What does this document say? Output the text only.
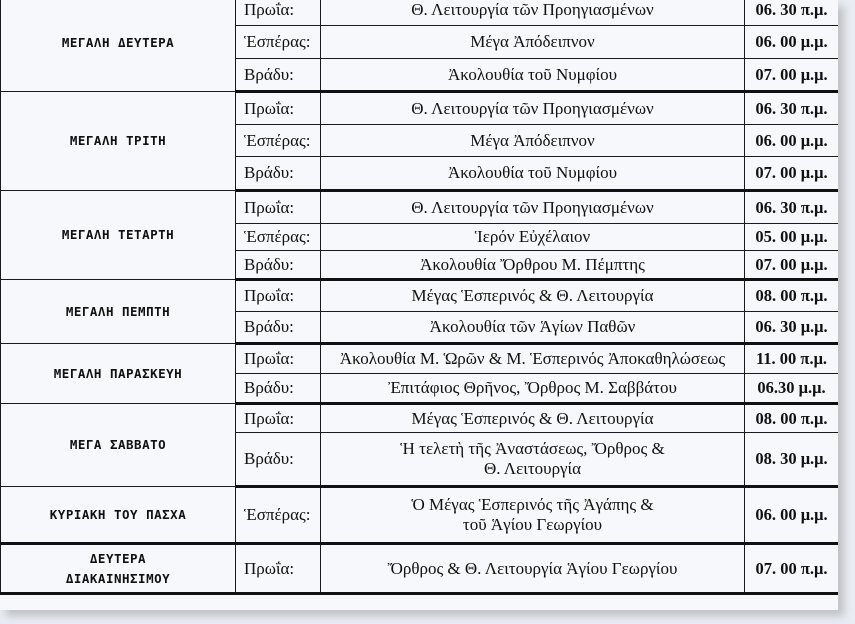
ΜΕΓΑΛΗ ΔΕΥΤΕΡΑ	Πρωΐα:	Θ. Λειτουργία τῶν Προηγιασμένων	06. 30 π.μ.
	Ἑσπέρας:	Μέγα Ἀπόδειπνον	06. 00 μ.μ.
	Βράδυ:	Ἀκολουθία τοῦ Νυμφίου	07. 00 μ.μ.

ΜΕΓΑΛΗ ΤΡΙΤΗ	Πρωΐα:	Θ. Λειτουργία τῶν Προηγιασμένων	06. 30 π.μ.
	Ἑσπέρας:	Μέγα Ἀπόδειπνον	06. 00 μ.μ.
	Βράδυ:	Ἀκολουθία τοῦ Νυμφίου	07. 00 μ.μ.

ΜΕΓΑΛΗ ΤΕΤΑΡΤΗ	Πρωΐα:	Θ. Λειτουργία τῶν Προηγιασμένων	06. 30 π.μ.
	Ἑσπέρας:	Ἱερόν Εὐχέλαιον	05. 00 μ.μ.
	Βράδυ:	Ἀκολουθία Ὄρθρου Μ. Πέμπτης	07. 00 μ.μ.

ΜΕΓΑΛΗ ΠΕΜΠΤΗ	Πρωΐα:	Μέγας Ἑσπερινός & Θ. Λειτουργία	08. 00 π.μ.
	Βράδυ:	Ἀκολουθία τῶν Ἁγίων Παθῶν	06. 30 μ.μ.

ΜΕΓΑΛΗ ΠΑΡΑΣΚΕΥΗ	Πρωΐα:	Ἀκολουθία Μ. Ὡρῶν & Μ. Ἑσπερινός Ἀποκαθηλώσεως	11. 00 π.μ.
	Βράδυ:	Ἐπιτάφιος Θρῆνος, Ὄρθρος Μ. Σαββάτου	06.30 μ.μ.

ΜΕΓΑ ΣΑΒΒΑΤΟ	Πρωΐα:	Μέγας Ἑσπερινός & Θ. Λειτουργία	08. 00 π.μ.
	Βράδυ:	Ἡ τελετὴ τῆς Ἀναστάσεως, Ὄρθρος &
Θ. Λειτουργία	08. 30 μ.μ.

ΚΥΡΙΑΚΗ ΤΟΥ ΠΑΣΧΑ	Ἑσπέρας:	Ὁ Μέγας Ἑσπερινός τῆς Ἀγάπης &
τοῦ Ἁγίου Γεωργίου	06. 00 μ.μ.

ΔΕΥΤΕΡΑ
ΔΙΑΚΑΙΝΗΣΙΜΟΥ	Πρωΐα:	Ὄρθρος & Θ. Λειτουργία Ἁγίου Γεωργίου	07. 00 π.μ.
